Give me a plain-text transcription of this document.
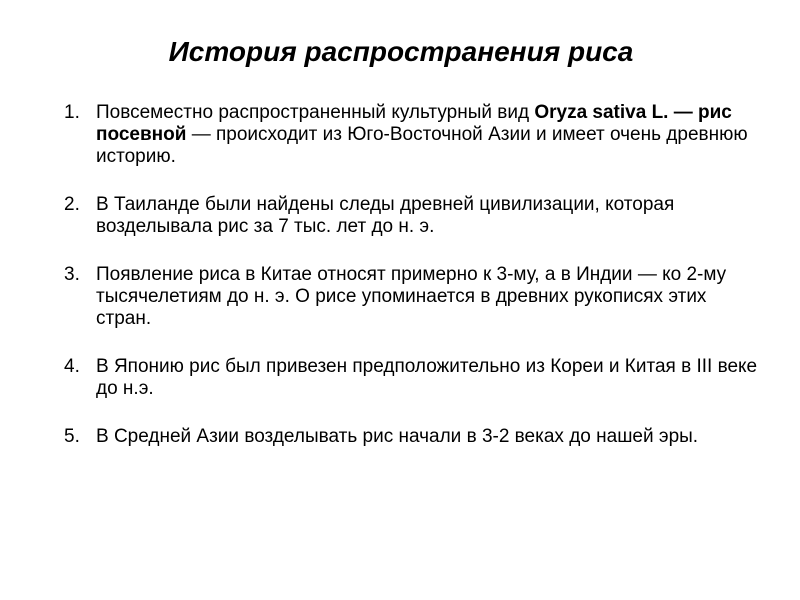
История распространения риса
1. Повсеместно распространенный культурный вид Oryza sativa L. — рис посевной — происходит из Юго-Восточной Азии и имеет очень древнюю историю.
2. В Таиланде были найдены следы древней цивилизации, которая возделывала рис за 7 тыс. лет до н. э.
3. Появление риса в Китае относят примерно к 3-му, а в Индии — ко 2-му тысячелетиям до н. э. О рисе упоминается в древних рукописях этих стран.
4. В Японию рис был привезен предположительно из Кореи и Китая в III веке до н.э.
5. В Средней Азии возделывать рис начали в 3-2 веках до нашей эры.
